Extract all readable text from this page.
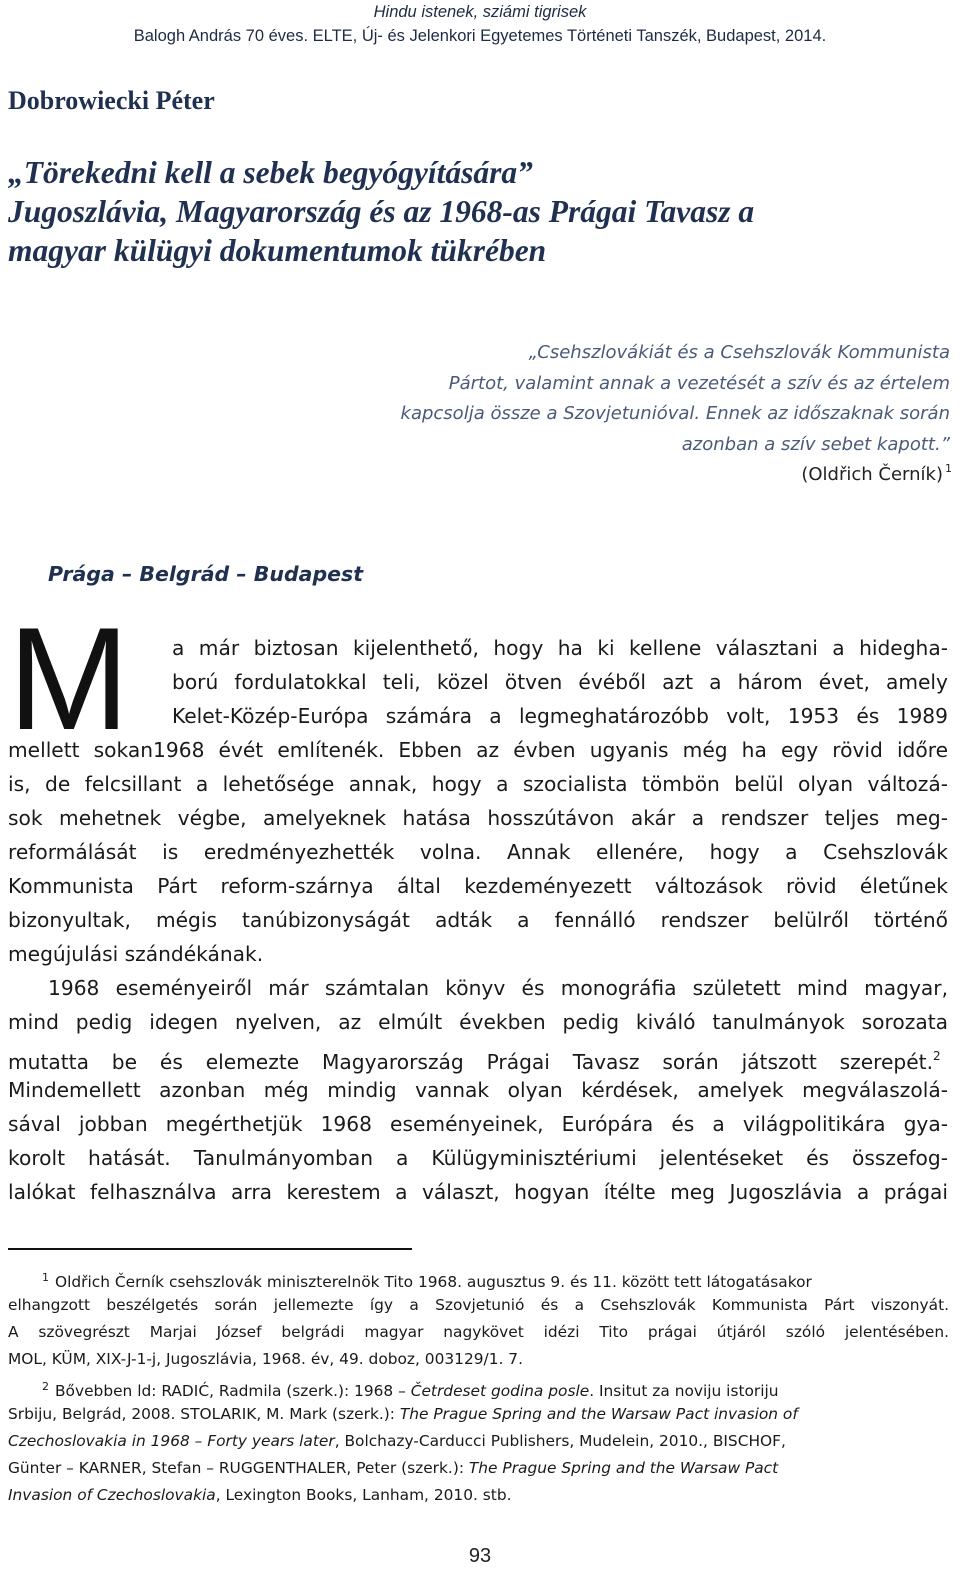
Hindu istenek, sziámi tigrisek
Balogh András 70 éves. ELTE, Új- és Jelenkori Egyetemes Történeti Tanszék, Budapest, 2014.
Dobrowiecki Péter
„Törekedni kell a sebek begyógyítására”
Jugoszlávia, Magyarország és az 1968-as Prágai Tavasz a
magyar külügyi dokumentumok tükrében
„Csehszlovákiát és a Csehszlovák Kommunista
Pártot, valamint annak a vezetését a szív és az értelem
kapcsolja össze a Szovjetunióval. Ennek az időszaknak során
azonban a szív sebet kapott.”
(Oldřich Černík) $^1$
Prága – Belgrád – Budapest
M a már biztosan kijelenthető, hogy ha ki kellene választani a hidegha-
ború fordulatokkal teli, közel ötven évéből azt a három évet, amely
Kelet-Közép-Európa számára a legmeghatározóbb volt, 1953 és 1989
mellett sokan1968 évét említenék. Ebben az évben ugyanis még ha egy rövid időre
is, de felcsillant a lehetősége annak, hogy a szocialista tömbön belül olyan változá-
sok mehetnek végbe, amelyeknek hatása hosszútávon akár a rendszer teljes meg-
reformálását is eredményezhették volna. Annak ellenére, hogy a Csehszlovák
Kommunista Párt reform-szárnya által kezdeményezett változások rövid életűnek
bizonyultak, mégis tanúbizonyságát adták a fennálló rendszer belülről történő
megújulási szándékának.
1968 eseményeiről már számtalan könyv és monográfia született mind magyar,
mind pedig idegen nyelven, az elmúlt években pedig kiváló tanulmányok sorozata
mutatta be és elemezte Magyarország Prágai Tavasz során játszott szerepét.$^2$
Mindemellett azonban még mindig vannak olyan kérdések, amelyek megválaszolá-
sával jobban megérthetjük 1968 eseményeinek, Európára és a világpolitikára gya-
korolt hatását. Tanulmányomban a Külügyminisztériumi jelentéseket és összefog-
lalókat felhasználva arra kerestem a választ, hogyan ítélte meg Jugoszlávia a prágai
$^1$ Oldřich Černík csehszlovák miniszterelnök Tito 1968. augusztus 9. és 11. között tett látogatásakor
elhangzott beszélgetés során jellemezte így a Szovjetunió és a Csehszlovák Kommunista Párt viszonyát.
A szövegrészt Marjai József belgrádi magyar nagykövet idézi Tito prágai útjáról szóló jelentésében.
MOL, KÜM, XIX-J-1-j, Jugoszlávia, 1968. év, 49. doboz, 003129/1. 7.
$^2$ Bővebben ld: RADIĆ, Radmila (szerk.): 1968 – Četrdeset godina posle. Insitut za noviju istoriju
Srbiju, Belgrád, 2008. STOLARIK, M. Mark (szerk.): The Prague Spring and the Warsaw Pact invasion of
Czechoslovakia in 1968 – Forty years later, Bolchazy-Carducci Publishers, Mudelein, 2010., BISCHOF,
Günter – KARNER, Stefan – RUGGENTHALER, Peter (szerk.): The Prague Spring and the Warsaw Pact
Invasion of Czechoslovakia, Lexington Books, Lanham, 2010. stb.
93
